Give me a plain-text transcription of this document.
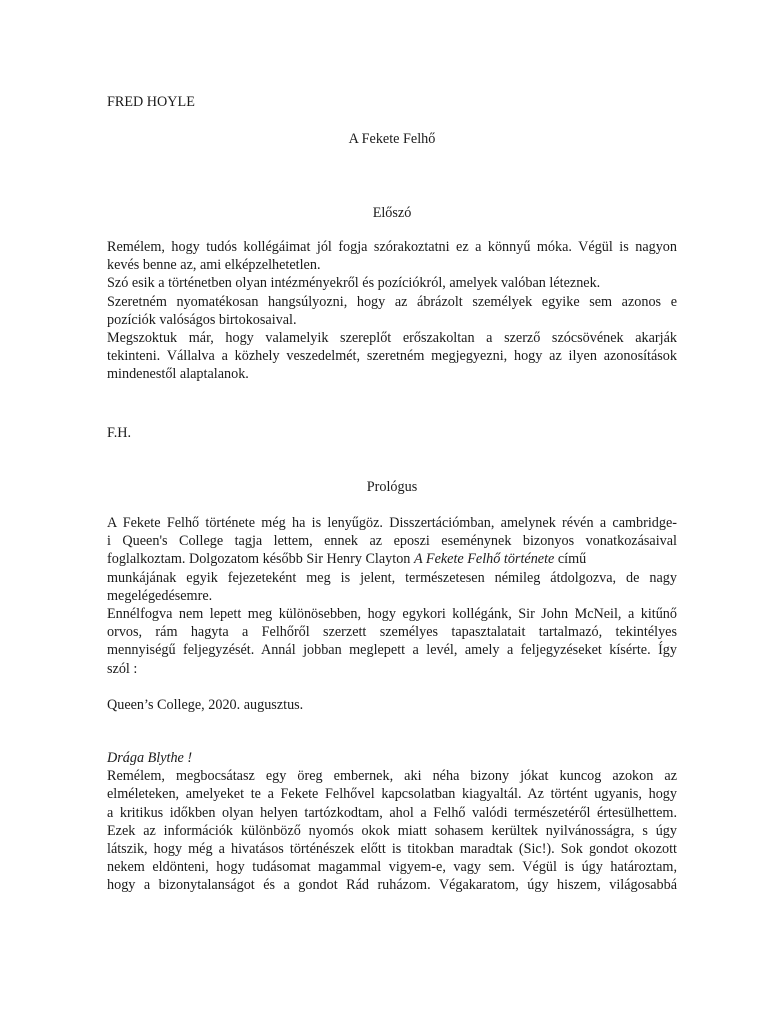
FRED HOYLE
A Fekete Felhő
Előszó
Remélem, hogy tudós kollégáimat jól fogja szórakoztatni ez a könnyű móka. Végül is nagyon
kevés benne az, ami elképzelhetetlen.
Szó esik a történetben olyan intézményekről és pozíciókról, amelyek valóban léteznek.
Szeretném nyomatékosan hangsúlyozni, hogy az ábrázolt személyek egyike sem azonos e
pozíciók valóságos birtokosaival.
Megszoktuk már, hogy valamelyik szereplőt erőszakoltan a szerző szócsövének akarják
tekinteni. Vállalva a közhely veszedelmét, szeretném megjegyezni, hogy az ilyen azonosítások
mindenestől alaptalanok.
F.H.
Prológus
A Fekete Felhő története még ha is lenyűgöz. Disszertációmban, amelynek révén a cambridge-
i Queen's College tagja lettem, ennek az eposzi eseménynek bizonyos vonatkozásaival
foglalkoztam. Dolgozatom később Sir Henry Clayton A Fekete Felhő története című
munkájának egyik fejezeteként meg is jelent, természetesen némileg átdolgozva, de nagy
megelégedésemre.
Ennélfogva nem lepett meg különösebben, hogy egykori kollégánk, Sir John McNeil, a kitűnő
orvos, rám hagyta a Felhőről szerzett személyes tapasztalatait tartalmazó, tekintélyes
mennyiségű feljegyzését. Annál jobban meglepett a levél, amely a feljegyzéseket kísérte. Így
szól :
Queen’s College, 2020. augusztus.
Drága Blythe !
Remélem, megbocsátasz egy öreg embernek, aki néha bizony jókat kuncog azokon az
elméleteken, amelyeket te a Fekete Felhővel kapcsolatban kiagyaltál. Az történt ugyanis, hogy
a kritikus időkben olyan helyen tartózkodtam, ahol a Felhő valódi természetéről értesülhettem.
Ezek az információk különböző nyomós okok miatt sohasem kerültek nyilvánosságra, s úgy
látszik, hogy még a hivatásos történészek előtt is titokban maradtak (Sic!). Sok gondot okozott
nekem eldönteni, hogy tudásomat magammal vigyem-e, vagy sem. Végül is úgy határoztam,
hogy a bizonytalanságot és a gondot Rád ruházom. Végakaratom, úgy hiszem, világosabbá
